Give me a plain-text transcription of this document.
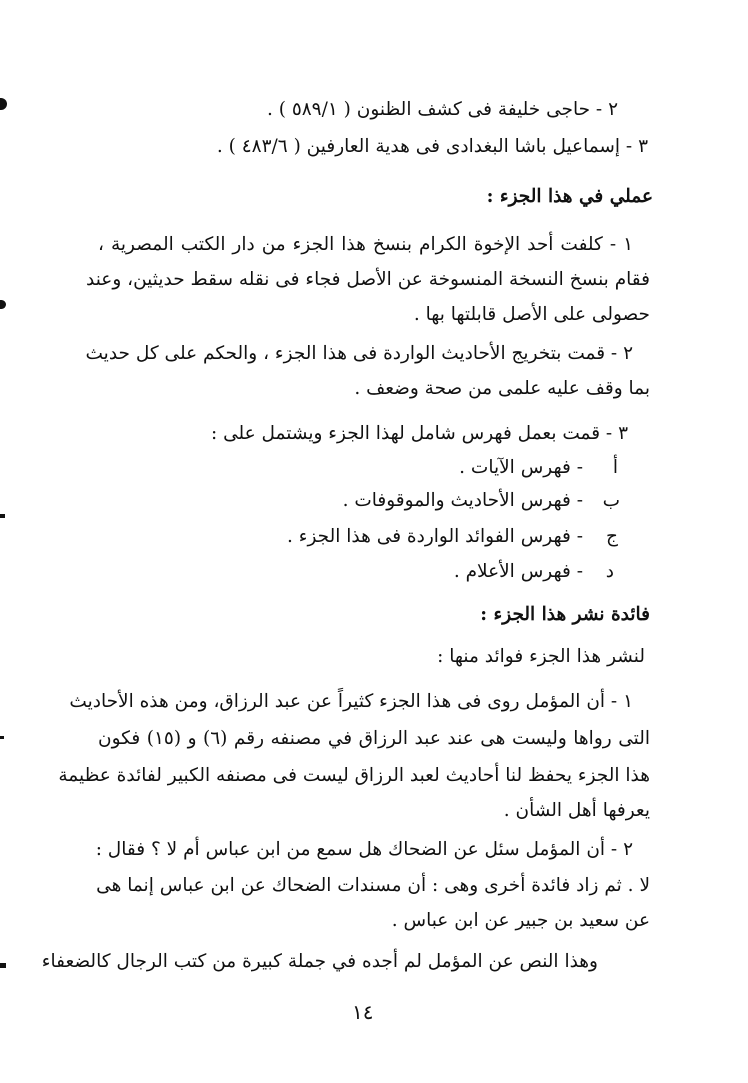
٢ - حاجى خليفة فى كشف الظنون ( ٥٨٩/١ ) .
٣ - إسماعيل باشا البغدادى فى هدية العارفين ( ٤٨٣/٦ ) .
عملي في هذا الجزء :
١ - كلفت أحد الإخوة الكرام بنسخ هذا الجزء من دار الكتب المصرية ،
فقام بنسخ النسخة المنسوخة عن الأصل فجاء فى نقله سقط حديثين، وعند
حصولى على الأصل قابلتها بها .
٢ - قمت بتخريج الأحاديث الواردة فى هذا الجزء ، والحكم على كل حديث
بما وقف عليه علمى من صحة وضعف .
٣ - قمت بعمل فهرس شامل لهذا الجزء ويشتمل على :
أ
- فهرس الآيات .
ب
- فهرس الأحاديث والموقوفات .
ج
- فهرس الفوائد الواردة فى هذا الجزء .
د
- فهرس الأعلام .
فائدة نشر هذا الجزء :
لنشر هذا الجزء فوائد منها :
١ - أن المؤمل روى فى هذا الجزء كثيراً عن عبد الرزاق، ومن هذه الأحاديث
التى رواها وليست هى عند عبد الرزاق في مصنفه رقم (٦) و (١٥) فكون
هذا الجزء يحفظ لنا أحاديث لعبد الرزاق ليست فى مصنفه الكبير لفائدة عظيمة
يعرفها أهل الشأن .
٢ - أن المؤمل سئل عن الضحاك هل سمع من ابن عباس أم لا ؟ فقال :
لا . ثم زاد فائدة أخرى وهى : أن مسندات الضحاك عن ابن عباس إنما هى
عن سعيد بن جبير عن ابن عباس .
وهذا النص عن المؤمل لم أجده في جملة كبيرة من كتب الرجال كالضعفاء
١٤
